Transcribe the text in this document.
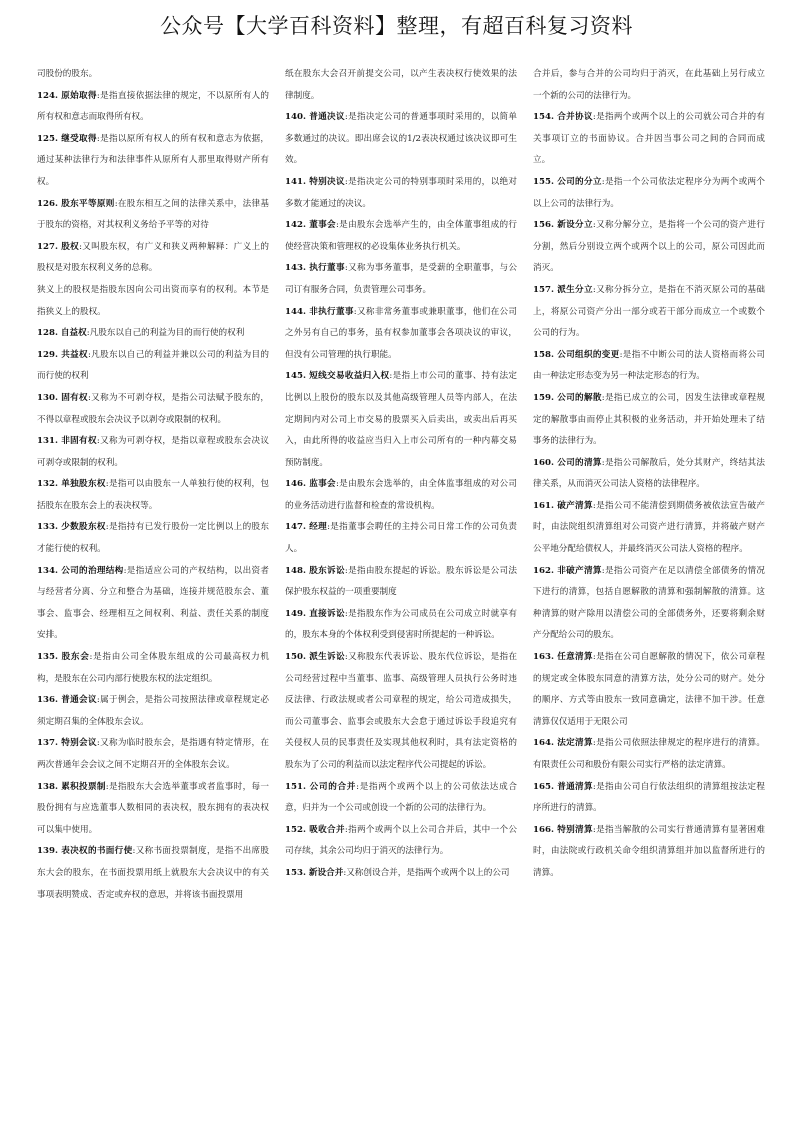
公众号【大学百科资料】整理，有超百科复习资料

司股份的股东。

124. 原始取得:是指直接依据法律的规定，不以原所有人的所有权和意志而取得所有权。

125. 继受取得:是指以原所有权人的所有权和意志为依据，通过某种法律行为和法律事件从原所有人那里取得财产所有权。

126. 股东平等原则:在股东相互之间的法律关系中，法律基于股东的资格，对其权利义务给予平等的对待

127. 股权:又叫股东权，有广义和狭义两种解释：广义上的股权是对股东权利义务的总称。

狭义上的股权是指股东因向公司出资而享有的权利。本节是指狭义上的股权。

128. 自益权:凡股东以自己的利益为目的而行使的权利

129. 共益权:凡股东以自己的利益并兼以公司的利益为目的而行使的权利

130. 固有权:又称为不可剥夺权，是指公司法赋予股东的，不得以章程或股东会决议予以剥夺或限制的权利。

131. 非固有权:又称为可剥夺权，是指以章程或股东会决议可剥夺或限制的权利。

132. 单独股东权:是指可以由股东一人单独行使的权利，包括股东在股东会上的表决权等。

133. 少数股东权:是指持有已发行股份一定比例以上的股东才能行使的权利。

134. 公司的治理结构:是指适应公司的产权结构，以出资者与经营者分离、分立和整合为基础，连接并规范股东会、董事会、监事会、经理相互之间权利、利益、责任关系的制度安排。

135. 股东会:是指由公司全体股东组成的公司最高权力机构，是股东在公司内部行使股东权的法定组织。

136. 普通会议:属于例会，是指公司按照法律或章程规定必须定期召集的全体股东会议。

137. 特别会议:又称为临时股东会，是指遇有特定情形，在两次普通年会会议之间不定期召开的全体股东会议。

138. 累积投票制:是指股东大会选举董事或者监事时，每一股份拥有与应选董事人数相同的表决权，股东拥有的表决权可以集中使用。

139. 表决权的书面行使:又称书面投票制度，是指不出席股东大会的股东，在书面投票用纸上就股东大会决议中的有关事项表明赞成、否定或弃权的意思，并将该书面投票用

纸在股东大会召开前提交公司，以产生表决权行使效果的法律制度。

140. 普通决议:是指决定公司的普通事项时采用的，以简单多数通过的决议。即出席会议的1/2表决权通过该决议即可生效。

141. 特别决议:是指决定公司的特别事项时采用的，以绝对多数才能通过的决议。

142. 董事会:是由股东会选举产生的，由全体董事组成的行使经营决策和管理权的必设集体业务执行机关。

143. 执行董事:又称为事务董事，是受薪的全职董事，与公司订有服务合同，负责管理公司事务。

144. 非执行董事:又称非常务董事或兼职董事，他们在公司之外另有自己的事务，虽有权参加董事会各项决议的审议，但没有公司管理的执行职能。

145. 短线交易收益归入权:是指上市公司的董事、持有法定比例以上股份的股东以及其他高级管理人员等内部人，在法定期间内对公司上市交易的股票买入后卖出，或卖出后再买入，由此所得的收益应当归入上市公司所有的一种内幕交易预防制度。

146. 监事会:是由股东会选举的，由全体监事组成的对公司的业务活动进行监督和检查的常设机构。

147. 经理:是指董事会聘任的主持公司日常工作的公司负责人。

148. 股东诉讼:是指由股东提起的诉讼。股东诉讼是公司法保护股东权益的一项重要制度

149. 直接诉讼:是指股东作为公司成员在公司成立时就享有的，股东本身的个体权利受到侵害时所提起的一种诉讼。

150. 派生诉讼:又称股东代表诉讼、股东代位诉讼，是指在公司经营过程中当董事、监事、高级管理人员执行公务时违反法律、行政法规或者公司章程的规定，给公司造成损失，而公司董事会、监事会或股东大会怠于通过诉讼手段追究有关侵权人员的民事责任及实现其他权利时，具有法定资格的股东为了公司的利益而以法定程序代公司提起的诉讼。

151. 公司的合并:是指两个或两个以上的公司依法达成合意，归并为一个公司或创设一个新的公司的法律行为。

152. 吸收合并:指两个或两个以上公司合并后，其中一个公司存续，其余公司均归于消灭的法律行为。

153. 新设合并:又称创设合并，是指两个或两个以上的公司

合并后，参与合并的公司均归于消灭，在此基础上另行成立一个新的公司的法律行为。

154. 合并协议:是指两个或两个以上的公司就公司合并的有关事项订立的书面协议。合并因当事公司之间的合同而成立。

155. 公司的分立:是指一个公司依法定程序分为两个或两个以上公司的法律行为。

156. 新设分立:又称分解分立，是指将一个公司的资产进行分割，然后分别设立两个或两个以上的公司，原公司因此而消灭。

157. 派生分立:又称分拆分立，是指在不消灭原公司的基础上，将原公司资产分出一部分或若干部分而成立一个或数个公司的行为。

158. 公司组织的变更:是指不中断公司的法人资格而将公司由一种法定形态变为另一种法定形态的行为。

159. 公司的解散:是指已成立的公司，因发生法律或章程规定的解散事由而停止其积极的业务活动，并开始处理未了结事务的法律行为。

160. 公司的清算:是指公司解散后，处分其财产，终结其法律关系，从而消灭公司法人资格的法律程序。

161. 破产清算:是指公司不能清偿到期债务被依法宣告破产时，由法院组织清算组对公司资产进行清算，并将破产财产公平地分配给债权人，并最终消灭公司法人资格的程序。

162. 非破产清算:是指公司资产在足以清偿全部债务的情况下进行的清算，包括自愿解散的清算和强制解散的清算。这种清算的财产除用以清偿公司的全部债务外，还要将剩余财产分配给公司的股东。

163. 任意清算:是指在公司自愿解散的情况下，依公司章程的规定或全体股东同意的清算方法，处分公司的财产。处分的顺序、方式等由股东一致同意确定，法律不加干涉。任意清算仅仅适用于无限公司

164. 法定清算:是指公司依照法律规定的程序进行的清算。有限责任公司和股份有限公司实行严格的法定清算。

165. 普通清算:是指由公司自行依法组织的清算组按法定程序所进行的清算。

166. 特别清算:是指当解散的公司实行普通清算有显著困难时，由法院或行政机关命令组织清算组并加以监督所进行的清算。
